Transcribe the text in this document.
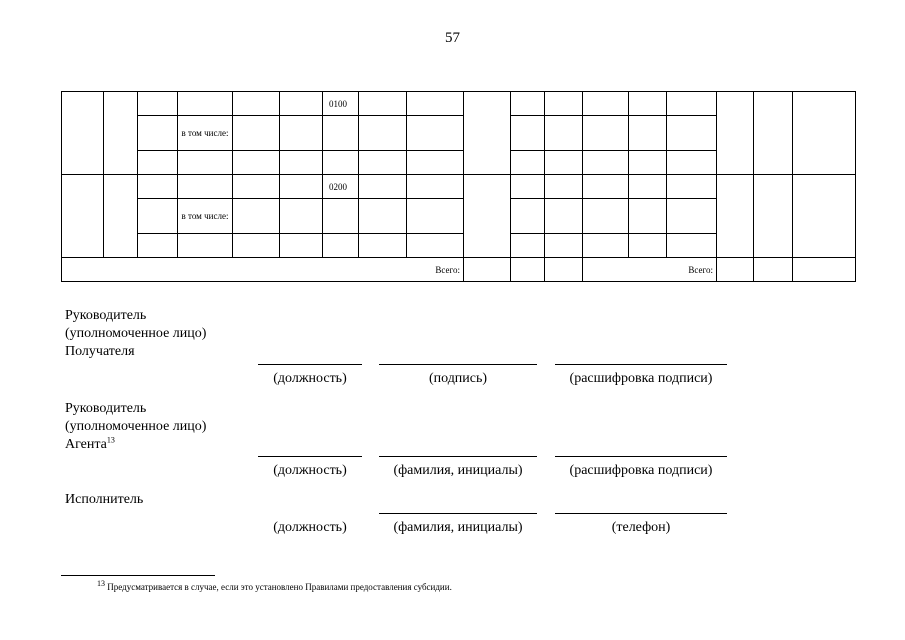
57
						0100											
			в том числе:														

						0200											
			в том числе:														

Всего:												Всего:					
Руководитель
(уполномоченное лицо)
Получателя
(должность)	(подпись)	(расшифровка подписи)
Руководитель
(уполномоченное лицо)
Агента$^{13}$
(должность)	(фамилия, инициалы)	(расшифровка подписи)
Исполнитель
(должность)	(фамилия, инициалы)	(телефон)
$^{13}$ Предусматривается в случае, если это установлено Правилами предоставления субсидии.
